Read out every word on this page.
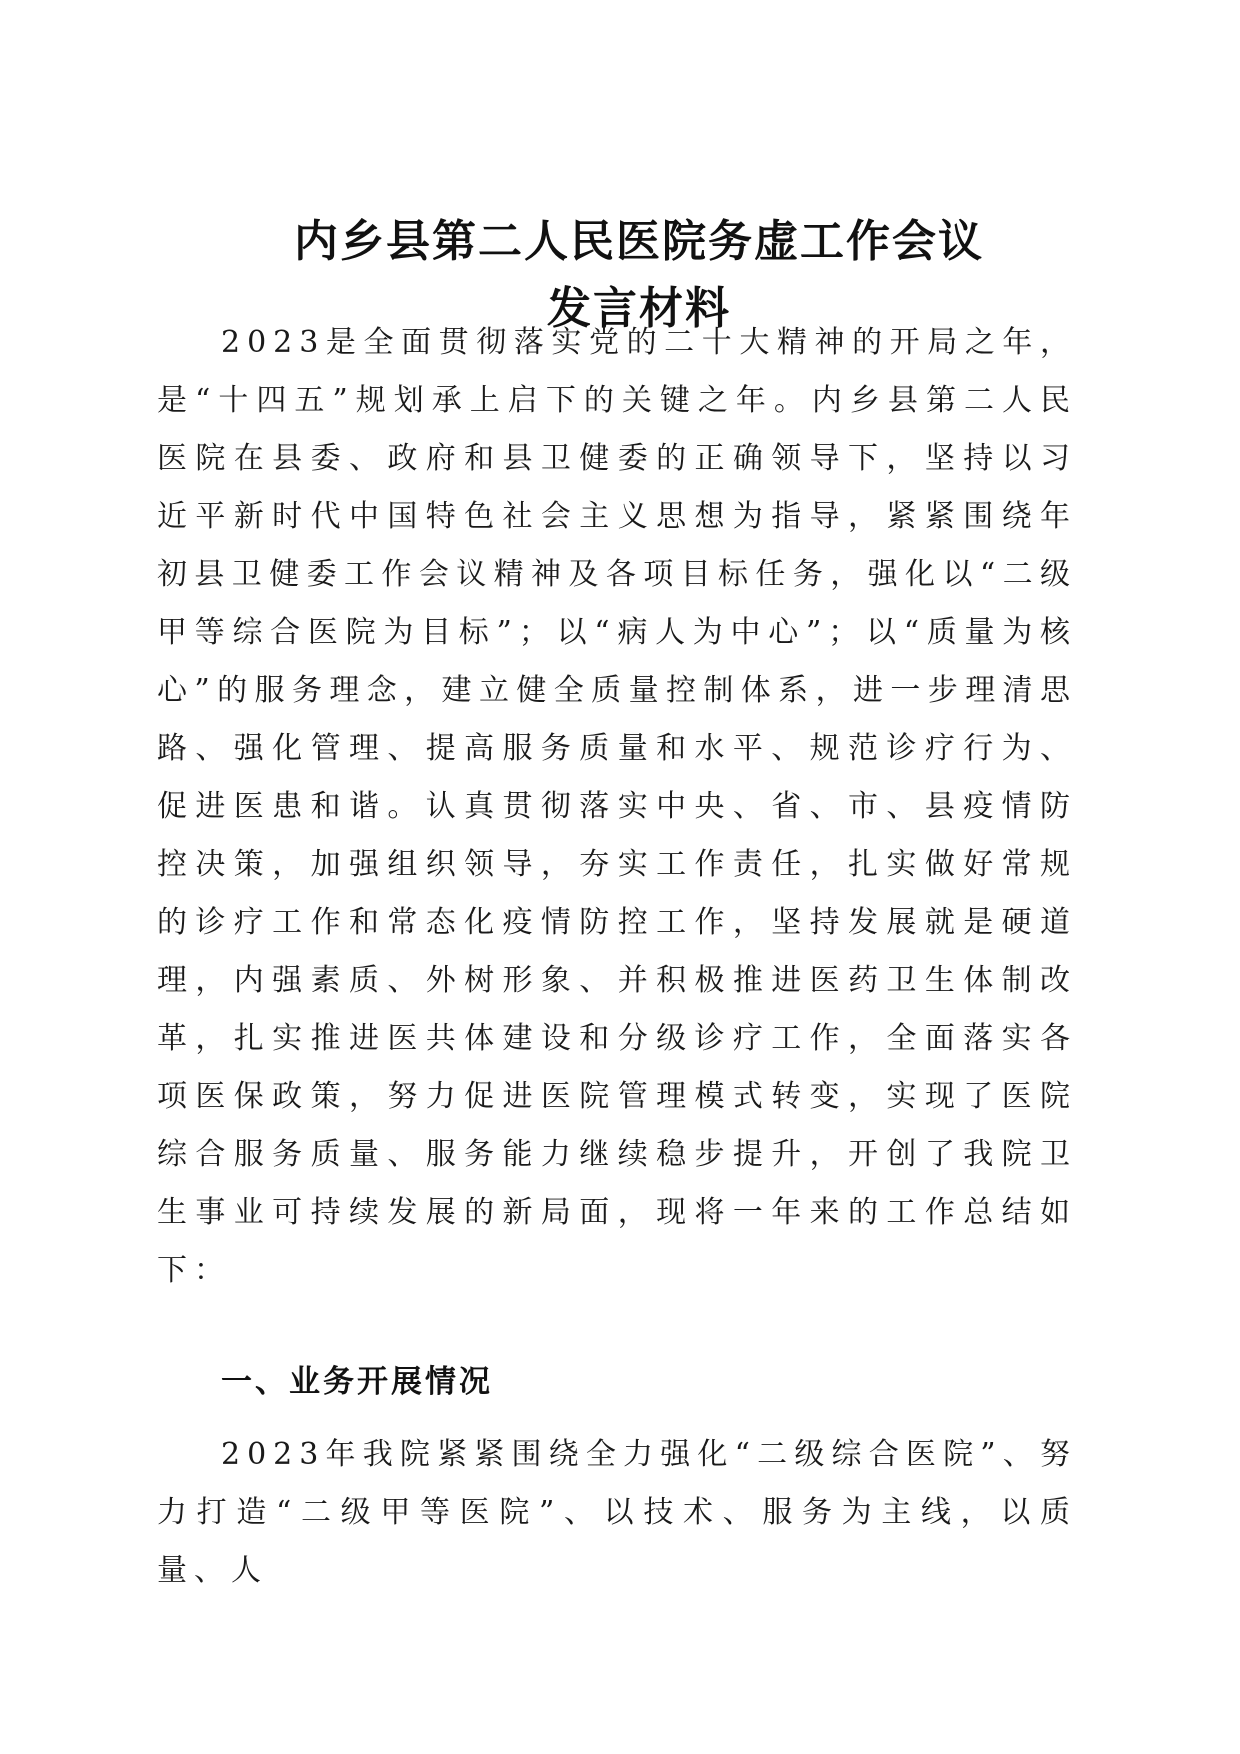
内乡县第二人民医院务虚工作会议
发言材料

2023是全面贯彻落实党的二十大精神的开局之年，是“十四五”规划承上启下的关键之年。内乡县第二人民医院在县委、政府和县卫健委的正确领导下，坚持以习近平新时代中国特色社会主义思想为指导，紧紧围绕年初县卫健委工作会议精神及各项目标任务，强化以“二级甲等综合医院为目标”；以“病人为中心”；以“质量为核心”的服务理念，建立健全质量控制体系，进一步理清思路、强化管理、提高服务质量和水平、规范诊疗行为、促进医患和谐。认真贯彻落实中央、省、市、县疫情防控决策，加强组织领导，夯实工作责任，扎实做好常规的诊疗工作和常态化疫情防控工作，坚持发展就是硬道理，内强素质、外树形象、并积极推进医药卫生体制改革，扎实推进医共体建设和分级诊疗工作，全面落实各项医保政策，努力促进医院管理模式转变，实现了医院综合服务质量、服务能力继续稳步提升，开创了我院卫生事业可持续发展的新局面，现将一年来的工作总结如下：

一、业务开展情况

2023年我院紧紧围绕全力强化“二级综合医院”、努力打造“二级甲等医院”、以技术、服务为主线，以质量、人
